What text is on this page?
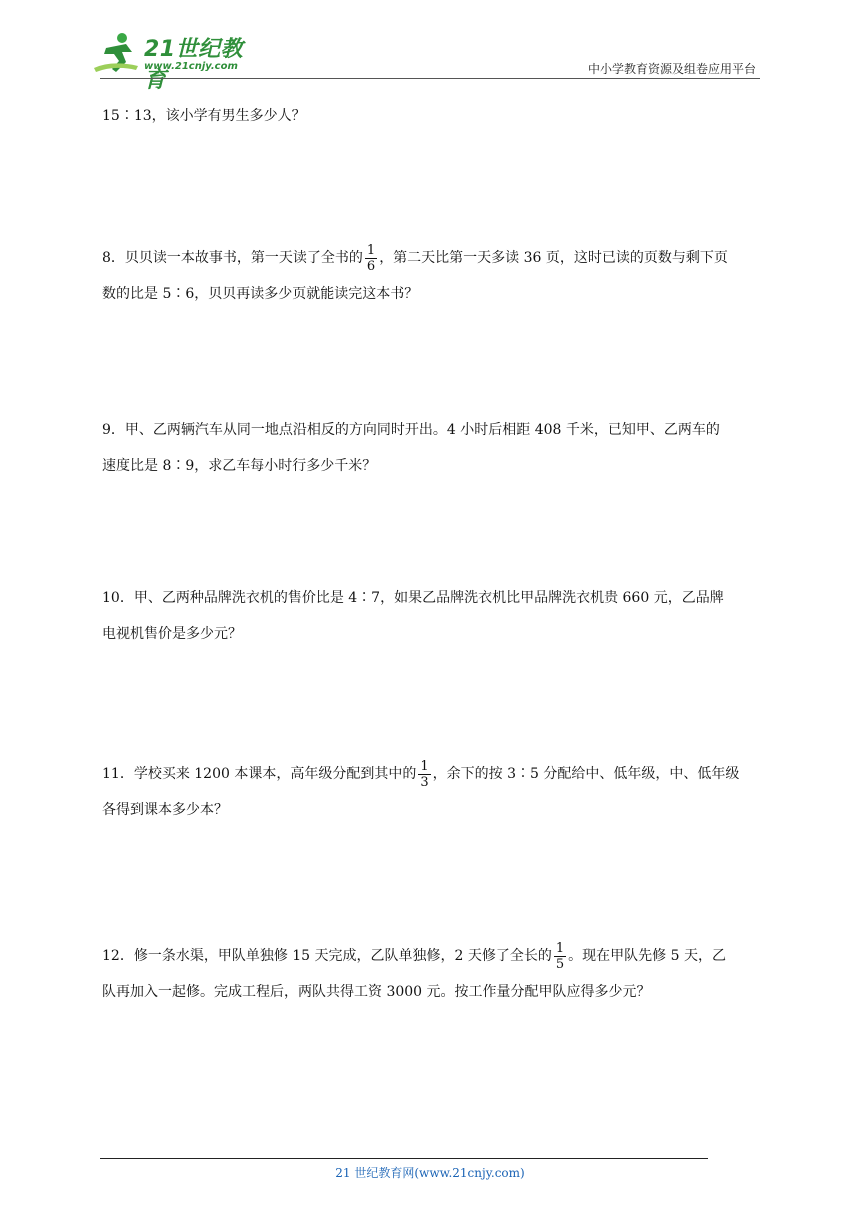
21世纪教育
www.21cnjy.com	中小学教育资源及组卷应用平台

15∶13，该小学有男生多少人？

8．贝贝读一本故事书，第一天读了全书的 $\frac{1}{6}$ ，第二天比第一天多读 36 页，这时已读的页数与剩下页

数的比是 5∶6，贝贝再读多少页就能读完这本书？

9．甲、乙两辆汽车从同一地点沿相反的方向同时开出。4 小时后相距 408 千米，已知甲、乙两车的

速度比是 8∶9，求乙车每小时行多少千米？

10．甲、乙两种品牌洗衣机的售价比是 4∶7，如果乙品牌洗衣机比甲品牌洗衣机贵 660 元，乙品牌

电视机售价是多少元？

11．学校买来 1200 本课本，高年级分配到其中的 $\frac{1}{3}$ ，余下的按 3∶5 分配给中、低年级，中、低年级

各得到课本多少本？

12．修一条水渠，甲队单独修 15 天完成，乙队单独修，2 天修了全长的 $\frac{1}{5}$ 。现在甲队先修 5 天，乙

队再加入一起修。完成工程后，两队共得工资 3000 元。按工作量分配甲队应得多少元？

21 世纪教育网(www.21cnjy.com)
